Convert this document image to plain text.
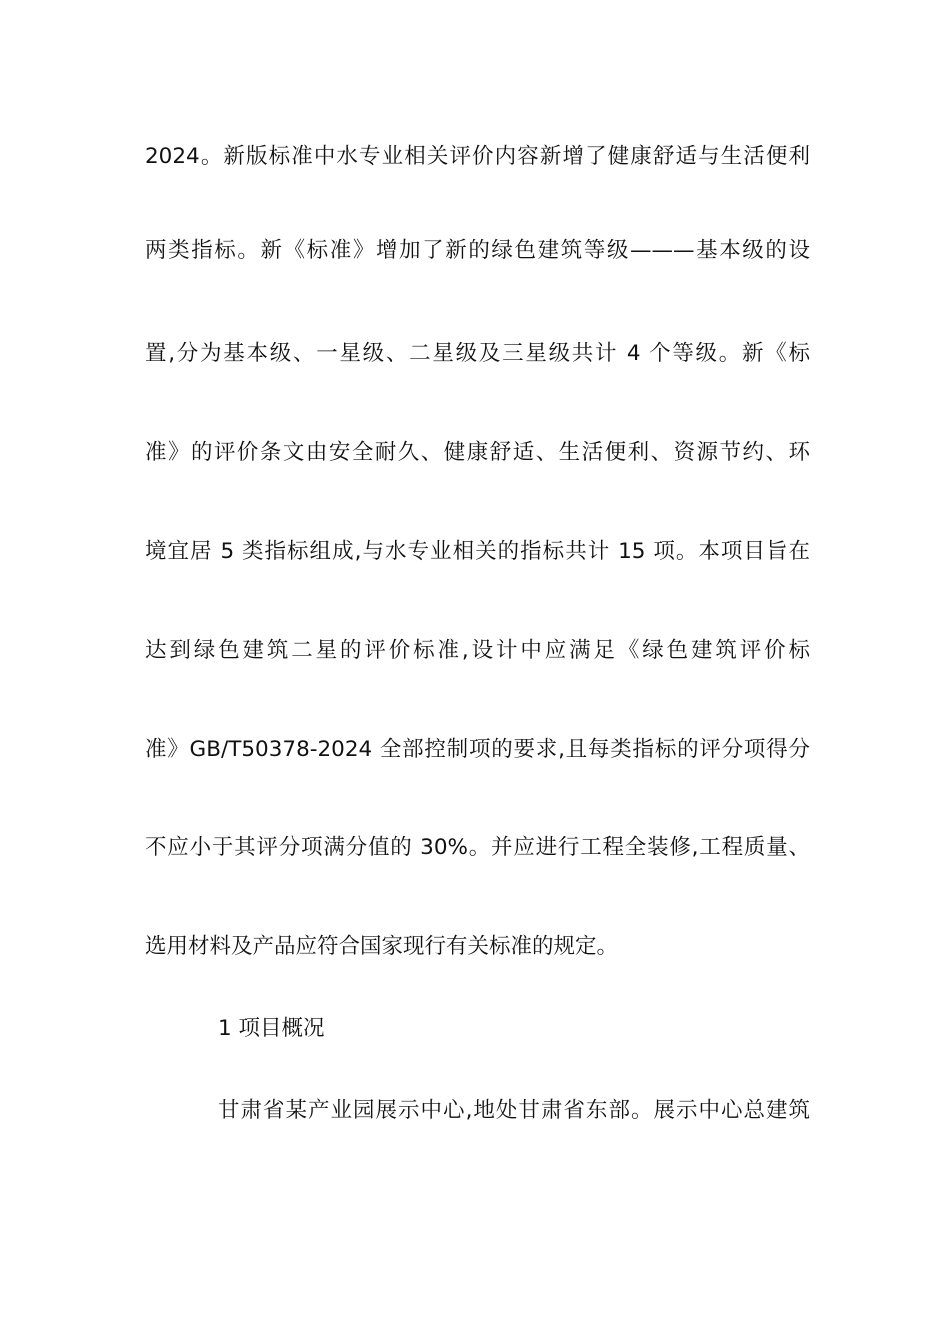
2024。新版标准中水专业相关评价内容新增了健康舒适与生活便利
两类指标。新《标准》增加了新的绿色建筑等级———基本级的设
置,分为基本级、一星级、二星级及三星级共计 4 个等级。新《标
准》的评价条文由安全耐久、健康舒适、生活便利、资源节约、环
境宜居 5 类指标组成,与水专业相关的指标共计 15 项。本项目旨在
达到绿色建筑二星的评价标准,设计中应满足《绿色建筑评价标
准》GB/T50378-2024 全部控制项的要求,且每类指标的评分项得分
不应小于其评分项满分值的 30%。并应进行工程全装修,工程质量、
选用材料及产品应符合国家现行有关标准的规定。
1 项目概况
甘肃省某产业园展示中心,地处甘肃省东部。展示中心总建筑
